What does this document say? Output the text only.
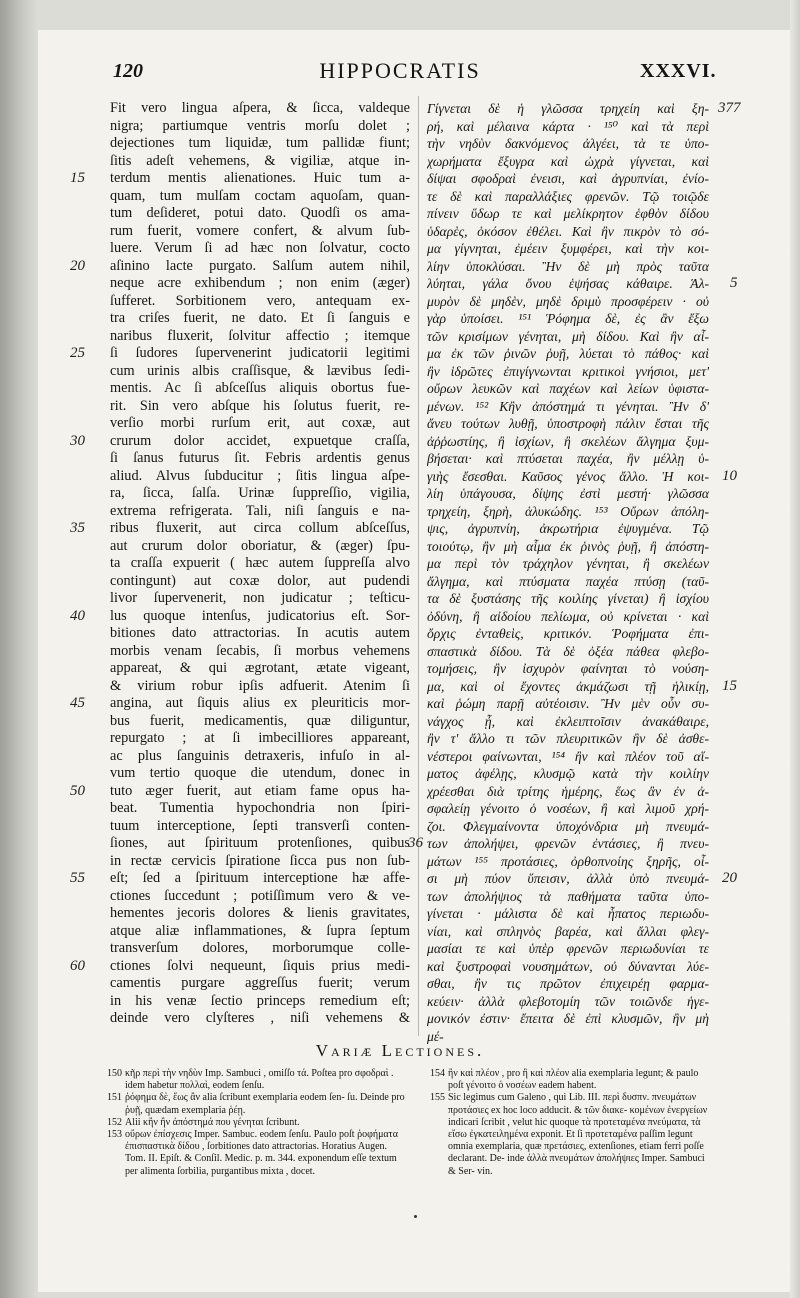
120	HIPPOCRATIS	XXXVI.
Fit vero lingua aſpera, & ſicca, valdeque
nigra; partiumque ventris morſu dolet ;
dejectiones tum liquidæ, tum pallidæ fiunt;
ſitis adeſt vehemens, & vigiliæ, atque in-
terdum mentis alienationes. Huic tum a-
quam, tum mulſam coctam aquoſam, quan-
tum deſideret, potui dato. Quodſi os ama-
rum fuerit, vomere confert, & alvum ſub-
luere. Verum ſi ad hæc non ſolvatur, cocto
aſinino lacte purgato. Salſum autem nihil,
neque acre exhibendum ; non enim (æger)
ſufferet. Sorbitionem vero, antequam ex-
tra criſes fuerit, ne dato. Et ſi ſanguis e
naribus fluxerit, ſolvitur affectio ; itemque
ſi ſudores ſupervenerint judicatorii legitimi
cum urinis albis craſſisque, & lævibus ſedi-
mentis. Ac ſi abſceſſus aliquis obortus fue-
rit. Sin vero abſque his ſolutus fuerit, re-
verſio morbi rurſum erit, aut coxæ, aut
crurum dolor accidet, expuetque craſſa,
ſi ſanus futurus ſit. Febris ardentis genus
aliud. Alvus ſubducitur ; ſitis lingua aſpe-
ra, ſicca, ſalſa. Urinæ ſuppreſſio, vigilia,
extrema refrigerata. Tali, niſi ſanguis e na-
ribus fluxerit, aut circa collum abſceſſus,
aut crurum dolor oboriatur, & (æger) ſpu-
ta craſſa expuerit ( hæc autem ſuppreſſa alvo
contingunt) aut coxæ dolor, aut pudendi
livor ſupervenerit, non judicatur ; teſticu-
lus quoque intenſus, judicatorius eſt. Sor-
bitiones dato attractorias. In acutis autem
morbis venam ſecabis, ſi morbus vehemens
appareat, & qui ægrotant, ætate vigeant,
& virium robur ipſis adfuerit. Atenim ſi
angina, aut ſiquis alius ex pleuriticis mor-
bus fuerit, medicamentis, quæ diliguntur,
repurgato ; at ſi imbecilliores appareant,
ac plus ſanguinis detraxeris, infuſo in al-
vum tertio quoque die utendum, donec in
tuto æger fuerit, aut etiam fame opus ha-
beat. Tumentia hypochondria non ſpiri-
tuum interceptione, ſepti transverſi conten-
ſiones, aut ſpirituum protenſiones, quibus
in rectæ cervicis ſpiratione ſicca pus non ſub-
eſt; ſed a ſpirituum interceptione hæ affe-
ctiones ſuccedunt ; potiſſimum vero & ve-
hementes jecoris dolores & lienis gravitates,
atque aliæ inflammationes, & ſupra ſeptum
transverſum dolores, morborumque colle-
ctiones ſolvi nequeunt, ſiquis prius medi-
camentis purgare aggreſſus fuerit; verum
in his venæ ſectio princeps remedium eſt;
deinde vero clyſteres , niſi vehemens &
Γίγνεται δὲ ἡ γλῶσσα τρηχείη καὶ ξη-
ρή, καὶ μέλαινα κάρτα · ¹⁵⁰ καὶ τὰ περὶ
τὴν νηδὺν δακνόμενος ἀλγέει, τὰ τε ὑπο-
χωρήματα ἔξυγρα καὶ ὠχρὰ γίγνεται, καὶ
δίψαι σφοδραὶ ἐνεισι, καὶ ἀγρυπνίαι, ἐνίο-
τε δὲ καὶ παραλλάξιες φρενῶν. Τῷ τοιῷδε
πίνειν ὕδωρ τε καὶ μελίκρητον ἑφθὸν δίδου
ὑδαρὲς, ὁκόσον ἐθέλει. Καὶ ἢν πικρὸν τὸ σό-
μα γίγνηται, ἐμέειν ξυμφέρει, καὶ τὴν κοι-
λίην ὑποκλύσαι. Ἢν δὲ μὴ πρὸς ταῦτα
λύηται, γάλα ὄνου ἑψήσας κάθαιρε. Ἁλ-
μυρὸν δὲ μηδὲν, μηδὲ δριμὺ προσφέρειν · οὐ
γὰρ ὑποίσει. ¹⁵¹ Ῥόφημα δὲ, ἐς ἂν ἔξω
τῶν κρισίμων γένηται, μὴ δίδου. Καὶ ἢν αἷ-
μα ἐκ τῶν ῥινῶν ῥυῇ, λύεται τὸ πάθος· καὶ
ἢν ἱδρῶτες ἐπιγίγνωνται κριτικοὶ γνήσιοι, μετ'
οὔρων λευκῶν καὶ παχέων καὶ λείων ὑφιστα-
μένων. ¹⁵² Κἢν ἀπόστημά τι γένηται. Ἢν δ'
ἄνευ τούτων λυθῇ, ὑποστροφὴ πάλιν ἔσται τῆς
ἀῤῥωστίης, ἢ ἰσχίων, ἢ σκελέων ἄλγημα ξυμ-
βήσεται· καὶ πτύσεται παχέα, ἢν μέλλῃ ὑ-
γιὴς ἔσεσθαι. Καῦσος γένος ἄλλο. Ἡ κοι-
λίη ὑπάγουσα, δίψης ἐστὶ μεστή· γλῶσσα
τρηχείη, ξηρὴ, ἁλυκώδης. ¹⁵³ Οὔρων ἀπόλη-
ψις, ἀγρυπνίη, ἀκρωτήρια ἐψυγμένα. Τῷ
τοιούτῳ, ἢν μὴ αἷμα ἐκ ῥινὸς ῥυῇ, ἢ ἀπόστη-
μα περὶ τὸν τράχηλον γένηται, ἢ σκελέων
ἄλγημα, καὶ πτύσματα παχέα πτύσῃ (ταῦ-
τα δὲ ξυστάσης τῆς κοιλίης γίνεται) ἢ ἰσχίου
ὀδύνη, ἢ αἰδοίου πελίωμα, οὐ κρίνεται · καὶ
ὄρχις ἐνταθεὶς, κριτικόν. Ῥοφήματα ἐπι-
σπαστικὰ δίδου. Τὰ δὲ ὀξέα πάθεα φλεβο-
τομήσεις, ἢν ἰσχυρὸν φαίνηται τὸ νούση-
μα, καὶ οἱ ἔχοντες ἀκμάζωσι τῇ ἡλικίῃ,
καὶ ῥώμη παρῇ αὐτέοισιν. Ἢν μὲν οὖν συ-
νάγχος ᾖ, καὶ ἐκλειπτοῖσιν ἀνακάθαιρε,
ἢν τ' ἄλλο τι τῶν πλευριτικῶν ἢν δὲ ἀσθε-
νέστεροι φαίνωνται, ¹⁵⁴ ἢν καὶ πλέον τοῦ αἵ-
ματος ἀφέλῃς, κλυσμῷ κατὰ τὴν κοιλίην
χρέεσθαι διὰ τρίτης ἡμέρης, ἕως ἂν ἐν ἀ-
σφαλείῃ γένοιτο ὁ νοσέων, ἢ καὶ λιμοῦ χρή-
ζοι. Φλεγμαίνοντα ὑποχόνδρια μὴ πνευμά-
των ἀπολήψει, φρενῶν ἐντάσιες, ἢ πνευ-
μάτων ¹⁵⁵ προτάσιες, ὀρθοπνοίης ξηρῆς, οἷ-
σι μὴ πύον ὕπεισιν, ἀλλὰ ὑπὸ πνευμά-
των ἀπολήψιος τὰ παθήματα ταῦτα ὑπο-
γίνεται · μάλιστα δὲ καὶ ἧπατος περιωδυ-
νίαι, καὶ σπληνὸς βαρέα, καὶ ἄλλαι φλεγ-
μασίαι τε καὶ ὑπὲρ φρενῶν περιωδυνίαι τε
καὶ ξυστροφαὶ νουσημάτων, οὐ δύνανται λύε-
σθαι, ἢν τις πρῶτον ἐπιχειρέῃ φαρμα-
κεύειν· ἀλλὰ φλεβοτομίη τῶν τοιῶνδε ἡγε-
μονικόν ἐστιν· ἔπειτα δὲ ἐπὶ κλυσμῶν, ἢν μὴ
μέ-
15
20
25
30
35
40
45
50
55
60
377
5
10
15
36
20
Variæ Lectiones.
150 κῆρ περὶ τὴν νηδὺν Imp. Sambuci , omiſſo τά. Poſtea pro σφοδραὶ . idem habetur πολλαὶ, eodem ſenſu.
151 ῥόφημα δὲ, ἕως ἂν alia ſcribunt exemplaria eodem ſen- ſu. Deinde pro ῥυῇ, quædam exemplaria ῥέῃ.
152 Alii κἢν ἢν ἀπόστημά που γένηται ſcribunt.
153 οὔρων ἐπίσχεσις Imper. Sambuc. eodem ſenſu. Paulo poſt ῥοφήματα ἐπισπαστικὰ δίδου , ſorbitiones dato attractorias. Horatius Augen. Tom. II. Epiſt. & Conſil. Medic. p. m. 344. exponendum eſſe textum per alimenta ſorbilia, purgantibus mixta , docet.
154 ἢν καὶ πλέον , pro ἢ καὶ πλέον alia exemplaria legunt; & paulo poſt γένοιτο ὁ νοσέων eadem habent.
155 Sic legimus cum Galeno , qui Lib. III. περὶ δυσπν. πνευμάτων προτάσιες ex hoc loco adducit. & τῶν διακε- κομένων ἐνεργείων indicari ſcribit , velut hic quoque τὰ προτεταμένα πνεύματα, τὰ εἴσω ἐγκατειλημένα exponit. Et ſi προτεταμένα paſſim legunt omnia exemplaria, quæ πρετάσιες, extenſiones, etiam ferri poſſe declarant. De- inde ἀλλὰ πνευμάτων ἀπολήψιες Imper. Sambuci & Ser- vin.
